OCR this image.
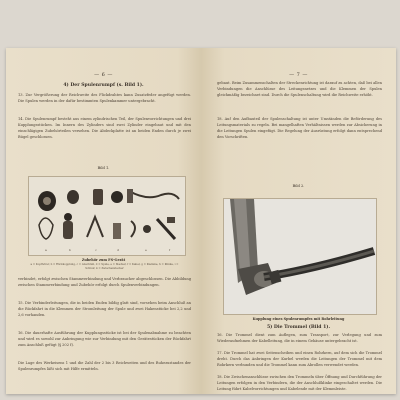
— 6 —
4) Der Spulenrumpf (s. Bild 1).
13. Zur Vergrößerung der Reichweite des Flickdrahtes kann Zusatzfeder angefügt werden. Die Spulen werden in der dafür bestimmten Spulenkammer untergebracht.
14. Die Spulenrumpf besteht aus einem zylindrischen Teil, der Spulenvorrichtungen und drei Kupplungsstücken. Im Innern des Zylinders sind zwei Zylinder eingebaut und mit den einschlägigen Zubehörteilen versehen. Die Abdeckplatte ist an beiden Enden durch je zwei Bügel geschlossen.
Bild 1.
a	b	c	d	e	f
Zubehör zum FS-Gerät
a = Kopfhörer, b = Rückkopplung, c = Anschluß, d = Spule, e = Stecker, f = Kabel, g = Klemme, h = Klinke, i = Schnur, k = Zwischenstecker
verbindet, erfolgt zwischen Stammverbindung und Verbraucher abgeschlossen. Die Abbildung zwischen Stammverbindung und Zubehör erfolgt durch Spulenverbindungen.
15. Die Verbinderleitungen, die in beiden Enden bildig glatt sind, vorsehen beim Anschluß an die Rückfahrt in die Klemmen der Stromleitung der Spule und zwei Hakenstücke bei 2,2 und 2,6 vorhanden.
16. Die dauerhafte Ausführung der Kupplungsstücke ist bei der Spulenabnahme zu beachten und wird es sowohl zur Anbringung wie zur Verbindung mit den Gerätestücken der Rückfahrt zum Anschluß gefügt (§ 202 f).
Die Lage des Werkeisens 1 und die Zahl der 2 bis 3 Reichweiten und des Ruhezustandes der Spulenrumpfes läßt sich mit Hilfe ermitteln.
— 7 —
gebaut. Beim Zusammenschalten der Streckenrichtung ist darauf zu achten, daß bei allen Verbindungen die Anschlüsse des Leitungsnetzes und die Klemmen der Spulen gleichmäßig bezeichnet sind. Durch die Spulenschaltung wird die Reichweite erhöht.
18. Auf den Aufbauteil der Spulenschaltung ist unter Umständen die Beförderung des Leitungsmaterials zu regeln. Bei mangelhaften Verhältnissen werden zur Absicherung in die Leitungen Spulen eingefügt. Die Regelung der Ausrüstung erfolgt dann entsprechend den Vorschriften.
Bild 2.
Kupplung eines Spulenrumpfes mit Rohrleitung
5) Die Trommel (Bild 1).
16. Die Trommel dient zum Auflegen, zum Transport, zur Verlegung und zum Wiederaufnehmen der Kabelleitung, die in einem Gehäuse untergebracht ist.
17. Die Trommel hat zwei Seitenscheiben und einen Rohrkern, auf dem sich die Trommel dreht. Durch das Anbringen der Kurbel werden die Leitungen der Trommel mit dem Rohrkern verbunden und die Trommel kann zum Abrollen verwendet werden.
18. Die Zwischenanschlüsse zwischen den Trommeln über Öffnung und Durchführung der Leitungen erfolgen in den Verbindern, die der Anschlußklinke eingeschaltet werden. Die Leitung führt Kabelvorrichtungen und Kabelende mit der Klemmleiste.
